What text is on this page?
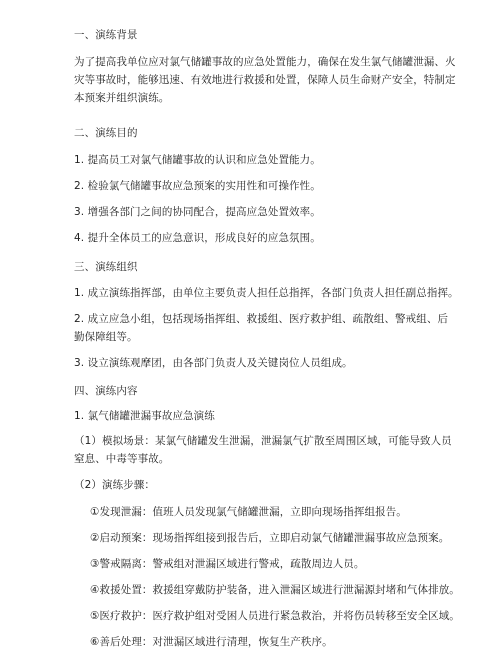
一、演练背景
为了提高我单位应对氯气储罐事故的应急处置能力，确保在发生氯气储罐泄漏、火
灾等事故时，能够迅速、有效地进行救援和处置，保障人员生命财产安全，特制定
本预案并组织演练。
二、演练目的
1. 提高员工对氯气储罐事故的认识和应急处置能力。
2. 检验氯气储罐事故应急预案的实用性和可操作性。
3. 增强各部门之间的协同配合，提高应急处置效率。
4. 提升全体员工的应急意识，形成良好的应急氛围。
三、演练组织
1. 成立演练指挥部，由单位主要负责人担任总指挥，各部门负责人担任副总指挥。
2. 成立应急小组，包括现场指挥组、救援组、医疗救护组、疏散组、警戒组、后
勤保障组等。
3. 设立演练观摩团，由各部门负责人及关键岗位人员组成。
四、演练内容
1. 氯气储罐泄漏事故应急演练
（1）模拟场景：某氯气储罐发生泄漏，泄漏氯气扩散至周围区域，可能导致人员
窒息、中毒等事故。
（2）演练步骤：
①发现泄漏：值班人员发现氯气储罐泄漏，立即向现场指挥组报告。
②启动预案：现场指挥组接到报告后，立即启动氯气储罐泄漏事故应急预案。
③警戒隔离：警戒组对泄漏区域进行警戒，疏散周边人员。
④救援处置：救援组穿戴防护装备，进入泄漏区域进行泄漏源封堵和气体排放。
⑤医疗救护：医疗救护组对受困人员进行紧急救治，并将伤员转移至安全区域。
⑥善后处理：对泄漏区域进行清理，恢复生产秩序。
